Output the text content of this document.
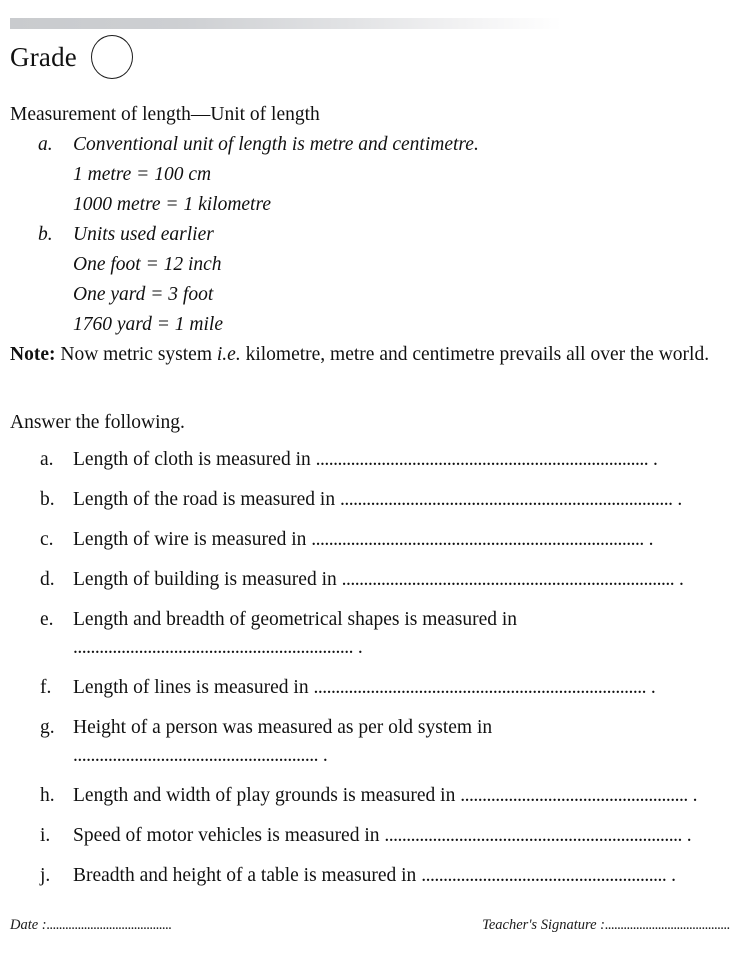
Grade
Measurement of length—Unit of length
a. Conventional unit of length is metre and centimetre.
1 metre = 100 cm
1000 metre = 1 kilometre
b. Units used earlier
One foot = 12 inch
One yard = 3 foot
1760 yard = 1 mile
Note: Now metric system i.e. kilometre, metre and centimetre prevails all over the world.
Answer the following.
a. Length of cloth is measured in ............................................................................ .
b. Length of the road is measured in ............................................................................ .
c. Length of wire is measured in ............................................................................ .
d. Length of building is measured in ............................................................................ .
e. Length and breadth of geometrical shapes is measured in ................................................................ .
f. Length of lines is measured in ............................................................................ .
g. Height of a person was measured as per old system in ........................................................ .
h. Length and width of play grounds is measured in .................................................... .
i. Speed of motor vehicles is measured in .................................................................... .
j. Breadth and height of a table is measured in ........................................................ .
Date :........................................	Teacher's Signature :........................................
